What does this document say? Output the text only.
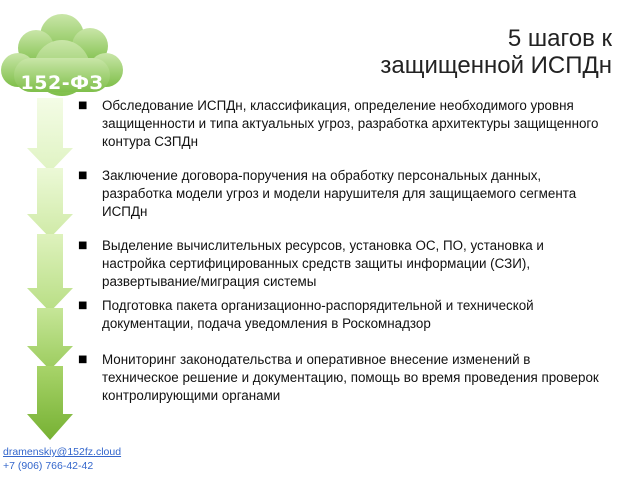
152-ФЗ
5 шагов к
защищенной ИСПДн
■	Обследование ИСПДн, классификация, определение необходимого уровня защищенности и типа актуальных угроз, разработка архитектуры защищенного контура СЗПДн
■	Заключение договора-поручения на обработку персональных данных, разработка модели угроз и модели нарушителя для защищаемого сегмента ИСПДн
■	Выделение вычислительных ресурсов, установка ОС, ПО, установка и настройка сертифицированных средств защиты информации (СЗИ), развертывание/миграция системы
■	Подготовка пакета организационно-распорядительной и технической документации, подача уведомления в Роскомнадзор
■	Мониторинг законодательства и оперативное внесение изменений в техническое решение и документацию, помощь во время проведения проверок контролирующими органами
dramenskiy@152fz.cloud
+7 (906) 766-42-42
